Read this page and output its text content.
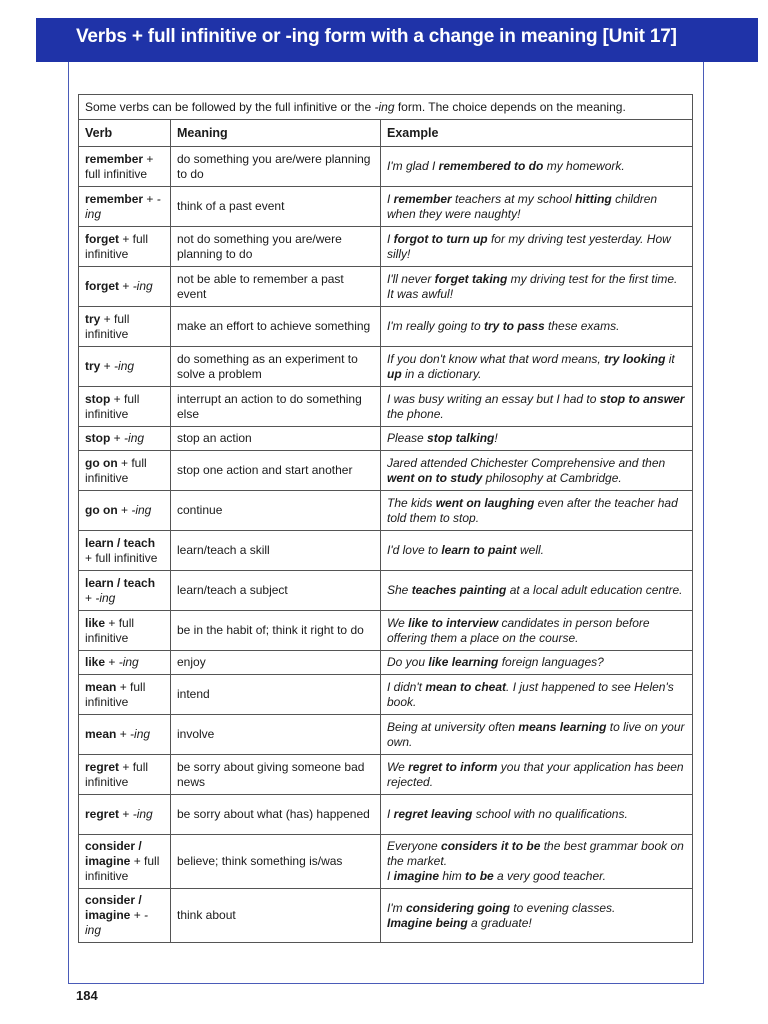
Verbs + full infinitive or -ing form with a change in meaning [Unit 17]
Some verbs can be followed by the full infinitive or the -ing form. The choice depends on the meaning.		
Verb	Meaning	Example
remember + full infinitive	do something you are/were planning to do	I'm glad I remembered to do my homework.
remember + -ing	think of a past event	I remember teachers at my school hitting children when they were naughty!
forget + full infinitive	not do something you are/were planning to do	I forgot to turn up for my driving test yesterday. How silly!
forget + -ing	not be able to remember a past event	I'll never forget taking my driving test for the first time. It was awful!
try + full infinitive	make an effort to achieve something	I'm really going to try to pass these exams.
try + -ing	do something as an experiment to solve a problem	If you don't know what that word means, try looking it up in a dictionary.
stop + full infinitive	interrupt an action to do something else	I was busy writing an essay but I had to stop to answer the phone.
stop + -ing	stop an action	Please stop talking!
go on + full infinitive	stop one action and start another	Jared attended Chichester Comprehensive and then went on to study philosophy at Cambridge.
go on + -ing	continue	The kids went on laughing even after the teacher had told them to stop.
learn / teach + full infinitive	learn/teach a skill	I'd love to learn to paint well.
learn / teach + -ing	learn/teach a subject	She teaches painting at a local adult education centre.
like + full infinitive	be in the habit of; think it right to do	We like to interview candidates in person before offering them a place on the course.
like + -ing	enjoy	Do you like learning foreign languages?
mean + full infinitive	intend	I didn't mean to cheat. I just happened to see Helen's book.
mean + -ing	involve	Being at university often means learning to live on your own.
regret + full infinitive	be sorry about giving someone bad news	We regret to inform you that your application has been rejected.
regret + -ing	be sorry about what (has) happened	I regret leaving school with no qualifications.
consider / imagine + full infinitive	believe; think something is/was	Everyone considers it to be the best grammar book on the market.
I imagine him to be a very good teacher.
consider / imagine + -ing	think about	I'm considering going to evening classes.
Imagine being a graduate!
184
